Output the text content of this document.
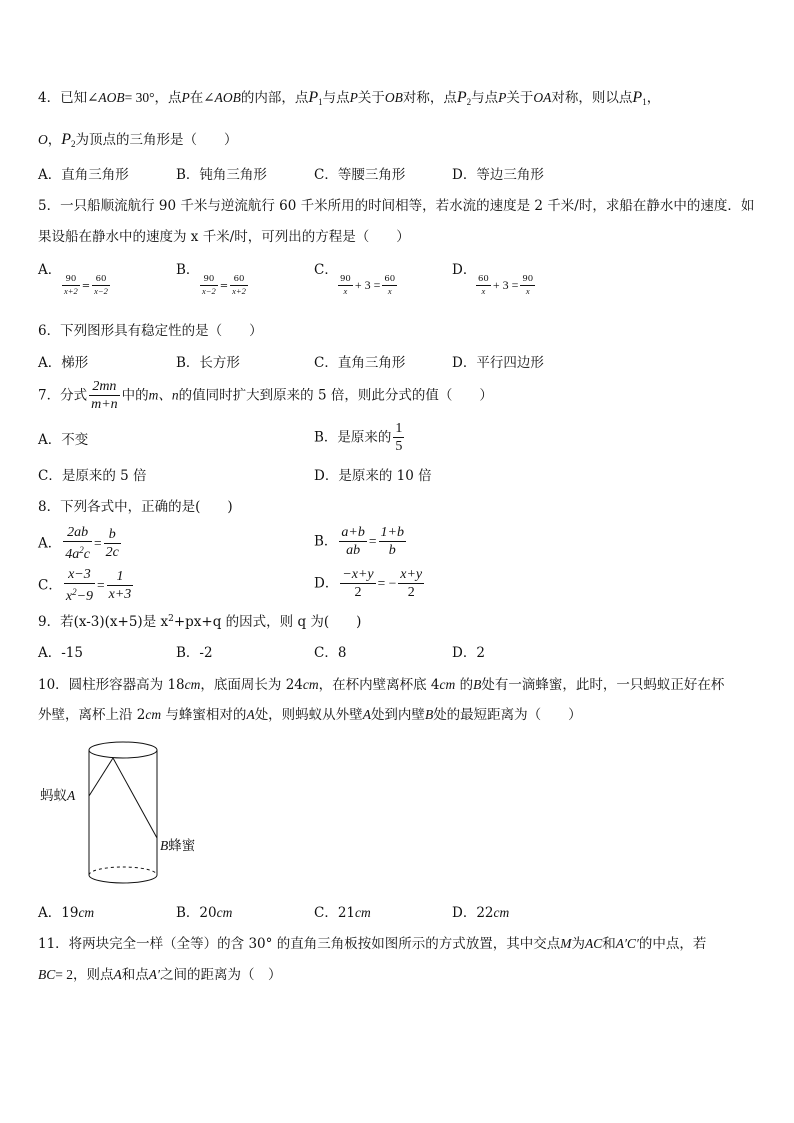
4．已知∠AOB= 30°，点P在∠AOB的内部，点$P_1$与点P关于OB对称，点$P_2$与点P关于OA对称，则以点$P_1$，
O，$P_2$为顶点的三角形是（　　）
A．直角三角形	B．钝角三角形	C．等腰三角形	D．等边三角形
5．一只船顺流航行 90 千米与逆流航行 60 千米所用的时间相等，若水流的速度是 2 千米/时，求船在静水中的速度．如
果设船在静水中的速度为 x 千米/时，可列出的方程是（　　）
A．
$\frac{90}{x+2} = \frac{60}{x-2}$
B．
$\frac{90}{x-2} = \frac{60}{x+2}$
C．
$\frac{90}{x} + 3 = \frac{60}{x}$
D．
$\frac{60}{x} + 3 = \frac{90}{x}$
6．下列图形具有稳定性的是（　　）
A．梯形	B．长方形	C．直角三角形	D．平行四边形
7．分式 $\frac{2mn}{m+n}$ 中的m、n的值同时扩大到原来的 5 倍，则此分式的值（　　）
A．不变	B．是原来的 $\frac{1}{5}$
C．是原来的 5 倍	D．是原来的 10 倍
8．下列各式中，正确的是(　　)
A． $\frac{2ab}{4a^2c} = \frac{b}{2c}$	B． $\frac{a+b}{ab} = \frac{1+b}{b}$
C． $\frac{x-3}{x^2-9} = \frac{1}{x+3}$	D． $\frac{-x+y}{2}$ = − $\frac{x+y}{2}$
9．若(x-3)(x+5)是 $x^2+px+q$ 的因式，则 q 为(　　)
A．-15	B．-2	C．8	D．2
10．圆柱形容器高为 18cm，底面周长为 24cm，在杯内壁离杯底 4cm 的B处有一滴蜂蜜，此时，一只蚂蚁正好在杯
外壁，离杯上沿 2cm 与蜂蜜相对的A处，则蚂蚁从外壁A处到内壁B处的最短距离为（　　）
蚂蚁A
B蜂蜜
A．19cm	B．20cm	C．21cm	D．22cm
11．将两块完全一样（全等）的含 30° 的直角三角板按如图所示的方式放置，其中交点M为AC和A′C′的中点，若
BC= 2，则点A和点A′之间的距离为（　）
